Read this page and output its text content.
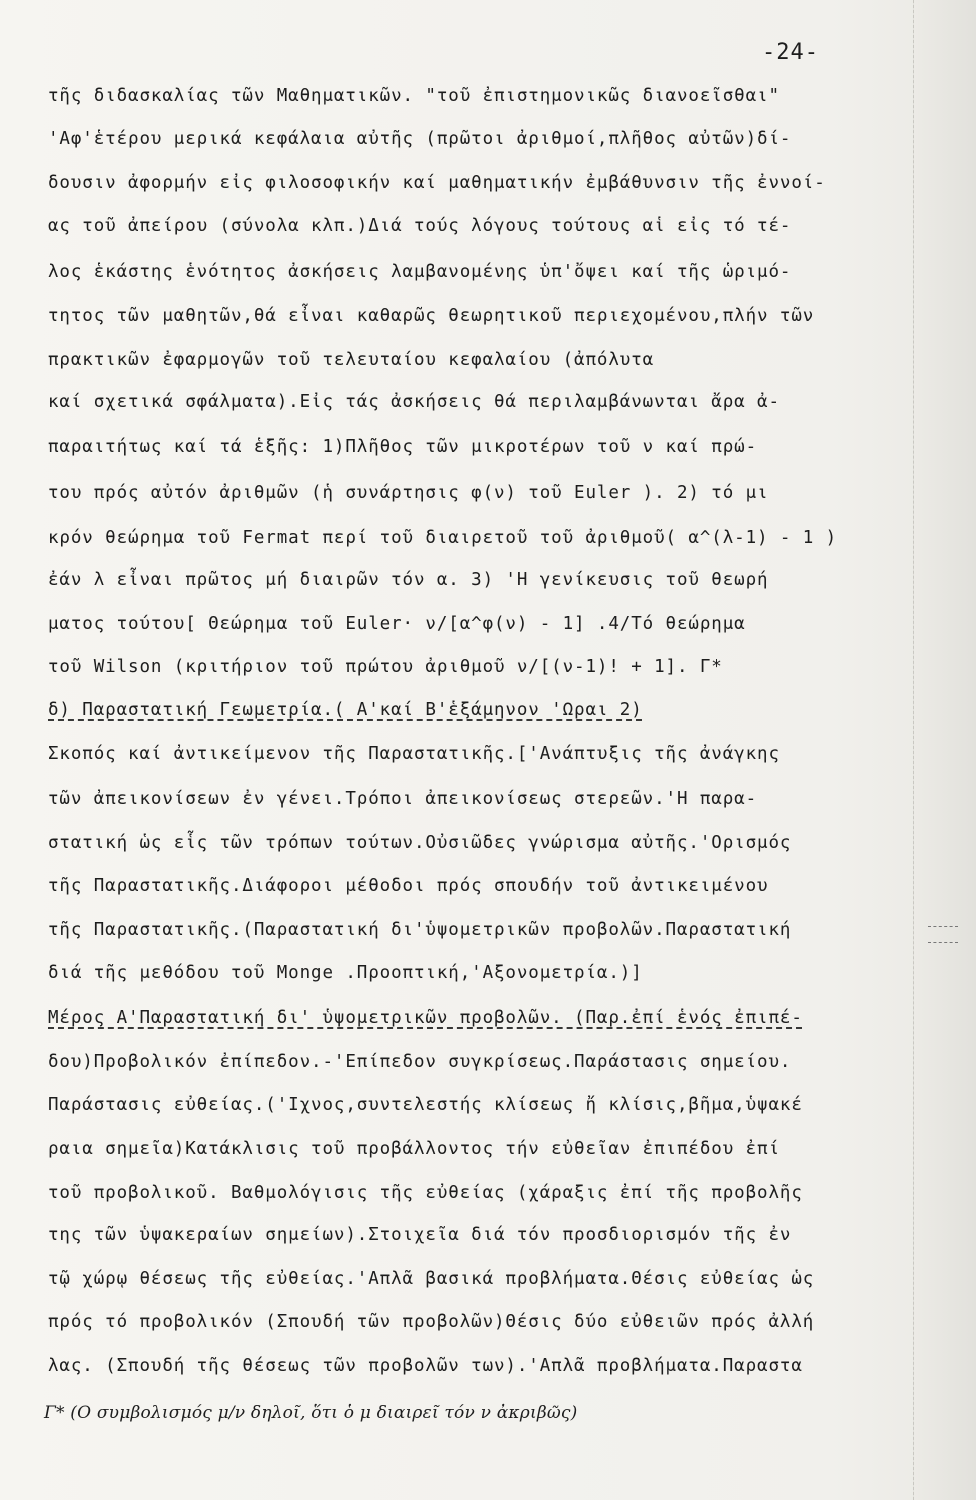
-24-
τῆς διδασκαλίας τῶν Μαθηματικῶν. "τοῦ ἐπιστημονικῶς διανοεῖσθαι"
'Αφ'ἑτέρου μερικά κεφάλαια αὐτῆς (πρῶτοι ἀριθμοί,πλῆθος αὐτῶν)δί-
δουσιν ἀφορμήν εἰς φιλοσοφικήν καί μαθηματικήν ἐμβάθυνσιν τῆς ἐννοί-
ας τοῦ ἀπείρου (σύνολα κλπ.)Διά τούς λόγους τούτους αἱ εἰς τό τέ-
λος ἑκάστης ἑνότητος ἀσκήσεις λαμβανομένης ὑπ'ὄψει καί τῆς ὡριμό-
τητος τῶν μαθητῶν,θά εἶναι καθαρῶς θεωρητικοῦ περιεχομένου,πλήν τῶν
πρακτικῶν ἐφαρμογῶν τοῦ τελευταίου κεφαλαίου (ἀπόλυτα
καί σχετικά σφάλματα).Εἰς τάς ἀσκήσεις θά περιλαμβάνωνται ἄρα ἀ-
παραιτήτως καί τά ἑξῆς: 1)Πλῆθος τῶν μικροτέρων τοῦ ν καί πρώ-
του πρός αὐτόν ἀριθμῶν (ἡ συνάρτησις φ(ν) τοῦ Euler ). 2) τό μι
κρόν θεώρημα τοῦ Fermat περί τοῦ διαιρετοῦ τοῦ ἀριθμοῦ( α^(λ-1) - 1 )
ἐάν λ εἶναι πρῶτος μή διαιρῶν τόν α. 3) 'Η γενίκευσις τοῦ θεωρή
ματος τούτου[ Θεώρημα τοῦ Euler· ν/[α^φ(ν) - 1] .4/Τό θεώρημα
τοῦ Wilson (κριτήριον τοῦ πρώτου ἀριθμοῦ ν/[(ν-1)! + 1]. Γ*
δ) Παραστατική Γεωμετρία.( Α'καί Β'ἑξάμηνον 'Ωραι 2)
Σκοπός καί ἀντικείμενον τῆς Παραστατικῆς.['Ανάπτυξις τῆς ἀνάγκης
τῶν ἀπεικονίσεων ἐν γένει.Τρόποι ἀπεικονίσεως στερεῶν.'Η παρα-
στατική ὡς εἷς τῶν τρόπων τούτων.Οὐσιῶδες γνώρισμα αὐτῆς.'Ορισμός
τῆς Παραστατικῆς.Διάφοροι μέθοδοι πρός σπουδήν τοῦ ἀντικειμένου
τῆς Παραστατικῆς.(Παραστατική δι'ὑψομετρικῶν προβολῶν.Παραστατική
διά τῆς μεθόδου τοῦ Monge .Προοπτική,'Αξονομετρία.)]
Μέρος Α'Παραστατική δι' ὑψομετρικῶν προβολῶν. (Παρ.ἐπί ἑνός ἐπιπέ-
δου)Προβολικόν ἐπίπεδον.-'Επίπεδον συγκρίσεως.Παράστασις σημείου.
Παράστασις εὐθείας.('Ιχνος,συντελεστής κλίσεως ἤ κλίσις,βῆμα,ὑψακέ
ραια σημεῖα)Κατάκλισις τοῦ προβάλλοντος τήν εὐθεῖαν ἐπιπέδου ἐπί
τοῦ προβολικοῦ. Βαθμολόγισις τῆς εὐθείας (χάραξις ἐπί τῆς προβολῆς
της τῶν ὑψακεραίων σημείων).Στοιχεῖα διά τόν προσδιορισμόν τῆς ἐν
τῷ χώρῳ θέσεως τῆς εὐθείας.'Απλᾶ βασικά προβλήματα.Θέσις εὐθείας ὡς
πρός τό προβολικόν (Σπουδή τῶν προβολῶν)Θέσις δύο εὐθειῶν πρός ἀλλή
λας. (Σπουδή τῆς θέσεως τῶν προβολῶν των).'Απλᾶ προβλήματα.Παραστα
Γ* (Ο συμβολισμός μ/ν δηλοῖ, ὅτι ὁ μ διαιρεῖ τόν ν ἀκριβῶς)
